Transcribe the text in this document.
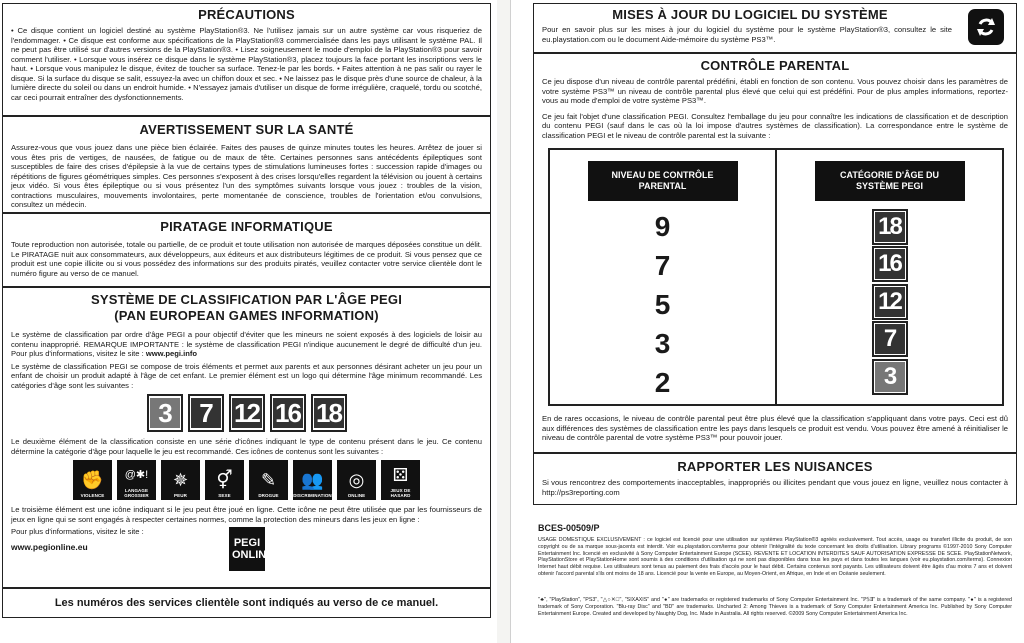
PRÉCAUTIONS

• Ce disque contient un logiciel destiné au système PlayStation®3. Ne l'utilisez jamais sur un autre système car vous risqueriez de l'endommager. • Ce disque est conforme aux spécifications de la PlayStation®3 commercialisée dans les pays utilisant le système PAL. Il ne peut pas être utilisé sur d'autres versions de la PlayStation®3. • Lisez soigneusement le mode d'emploi de la PlayStation®3 pour savoir comment l'utiliser. • Lorsque vous insérez ce disque dans le système PlayStation®3, placez toujours la face portant les inscriptions vers le haut. • Lorsque vous manipulez le disque, évitez de toucher sa surface. Tenez-le par les bords. • Faites attention à ne pas salir ou rayer le disque. Si la surface du disque se salit, essuyez-la avec un chiffon doux et sec. • Ne laissez pas le disque près d'une source de chaleur, à la lumière directe du soleil ou dans un endroit humide. • N'essayez jamais d'utiliser un disque de forme irrégulière, craquelé, tordu ou scotché, car ceci pourrait entraîner des dysfonctionnements.

AVERTISSEMENT SUR LA SANTÉ

Assurez-vous que vous jouez dans une pièce bien éclairée. Faites des pauses de quinze minutes toutes les heures. Arrêtez de jouer si vous êtes pris de vertiges, de nausées, de fatigue ou de maux de tête. Certaines personnes sans antécédents épileptiques sont susceptibles de faire des crises d'épilepsie à la vue de certains types de stimulations lumineuses fortes : succession rapide d'images ou répétitions de figures géométriques simples. Ces personnes s'exposent à des crises lorsqu'elles regardent la télévision ou jouent à certains jeux vidéo. Si vous êtes épileptique ou si vous présentez l'un des symptômes suivants lorsque vous jouez : troubles de la vision, contractions musculaires, mouvements involontaires, perte momentanée de conscience, troubles de l'orientation et/ou convulsions, consultez un médecin.

PIRATAGE INFORMATIQUE

Toute reproduction non autorisée, totale ou partielle, de ce produit et toute utilisation non autorisée de marques déposées constitue un délit. Le PIRATAGE nuit aux consommateurs, aux développeurs, aux éditeurs et aux distributeurs légitimes de ce produit. Si vous pensez que ce produit est une copie illicite ou si vous possédez des informations sur des produits piratés, veuillez contacter votre service clientèle dont le numéro figure au verso de ce manuel.

SYSTÈME DE CLASSIFICATION PAR L'ÂGE PEGI
(PAN EUROPEAN GAMES INFORMATION)

Le système de classification par ordre d'âge PEGI a pour objectif d'éviter que les mineurs ne soient exposés à des logiciels de loisir au contenu inapproprié. REMARQUE IMPORTANTE : le système de classification PEGI n'indique aucunement le degré de difficulté d'un jeu. Pour plus d'informations, visitez le site : www.pegi.info

Le système de classification PEGI se compose de trois éléments et permet aux parents et aux personnes désirant acheter un jeu pour un enfant de choisir un produit adapté à l'âge de cet enfant. Le premier élément est un logo qui détermine l'âge minimum recommandé. Les catégories d'âge sont les suivantes :

3	7 12 16 18

Le deuxième élément de la classification consiste en une série d'icônes indiquant le type de contenu présent dans le jeu. Ce contenu détermine la catégorie d'âge pour laquelle le jeu est recommandé. Ces icônes de contenus sont les suivantes :

✊
VIOLENCE
@✱!
LANGAGE GROSSIER
✵
PEUR
⚥
SEXE
✎
DROGUE
👥
DISCRIMINATION
◎
ONLINE
⚄
JEUX DE HASARD

Le troisième élément est une icône indiquant si le jeu peut être joué en ligne. Cette icône ne peut être utilisée que par les fournisseurs de jeux en ligne qui se sont engagés à respecter certaines normes, comme la protection des mineurs dans les jeux en ligne :

Pour plus d'informations, visitez le site :

www.pegionline.eu	PEGI ONLINE
Les numéros des services clientèle sont indiqués au verso de ce manuel.
MISES À JOUR DU LOGICIEL DU SYSTÈME

Pour en savoir plus sur les mises à jour du logiciel du système pour le système PlayStation®3, consultez le site eu.playstation.com ou le document Aide-mémoire du système PS3™.

CONTRÔLE PARENTAL

Ce jeu dispose d'un niveau de contrôle parental prédéfini, établi en fonction de son contenu. Vous pouvez choisir dans les paramètres de votre système PS3™ un niveau de contrôle parental plus élevé que celui qui est prédéfini. Pour de plus amples informations, reportez-vous au mode d'emploi de votre système PS3™.

Ce jeu fait l'objet d'une classification PEGI. Consultez l'emballage du jeu pour connaître les indications de classification et de description du contenu PEGI (sauf dans le cas où la loi impose d'autres systèmes de classification). La correspondance entre le système de classification PEGI et le niveau de contrôle parental est la suivante :

NIVEAU DE CONTRÔLE PARENTAL
9
7
5
3
2
CATÉGORIE D'ÂGE DU SYSTÈME PEGI
18
16
12
7
3

En de rares occasions, le niveau de contrôle parental peut être plus élevé que la classification s'appliquant dans votre pays. Ceci est dû aux différences des systèmes de classification entre les pays dans lesquels ce produit est vendu. Vous pouvez être amené à réinitialiser le niveau de contrôle parental de votre système PS3™ pour pouvoir jouer.

RAPPORTER LES NUISANCES

Si vous rencontrez des comportements inacceptables, inappropriés ou illicites pendant que vous jouez en ligne, veuillez nous contacter à http://ps3reporting.com

BCES-00509/P
USAGE DOMESTIQUE EXCLUSIVEMENT : ce logiciel est licencié pour une utilisation sur systèmes PlayStation®3 agréés exclusivement. Tout accès, usage ou transfert illicite du produit, de son copyright ou de sa marque sous-jacents est interdit. Voir eu.playstation.com/terms pour obtenir l'intégralité du texte concernant les droits d'utilisation. Library programs ©1997-2010 Sony Computer Entertainment Inc. licencié en exclusivité à Sony Computer Entertainment Europe (SCEE). REVENTE ET LOCATION INTERDITES SAUF AUTORISATION EXPRESSE DE SCEE. PlayStationNetwork, PlayStationStore et PlayStationHome sont soumis à des conditions d'utilisation qui ne sont pas disponibles dans tous les pays et dans toutes les langues (voir eu.playstation.com/terms). Connexion Internet haut débit requise. Les utilisateurs sont tenus au paiement des frais d'accès pour le haut débit. Certains contenus sont payants. Les utilisateurs doivent être âgés d'au moins 7 ans et doivent obtenir l'accord parental s'ils ont moins de 18 ans. Licencié pour la vente en Europe, au Moyen-Orient, en Afrique, en Inde et en Océanie seulement.
"♣", "PlayStation", "PS3", "△○✕□", "SIXAXIS" and "●" are trademarks or registered trademarks of Sony Computer Entertainment Inc. "ℙ𝕊∃" is a trademark of the same company. "●" is a registered trademark of Sony Corporation. "Blu-ray Disc" and "BD" are trademarks. Uncharted 2: Among Thieves is a trademark of Sony Computer Entertainment America Inc. Published by Sony Computer Entertainment Europe. Created and developed by Naughty Dog, Inc. Made in Australia. All rights reserved. ©2009 Sony Computer Entertainment America Inc.
